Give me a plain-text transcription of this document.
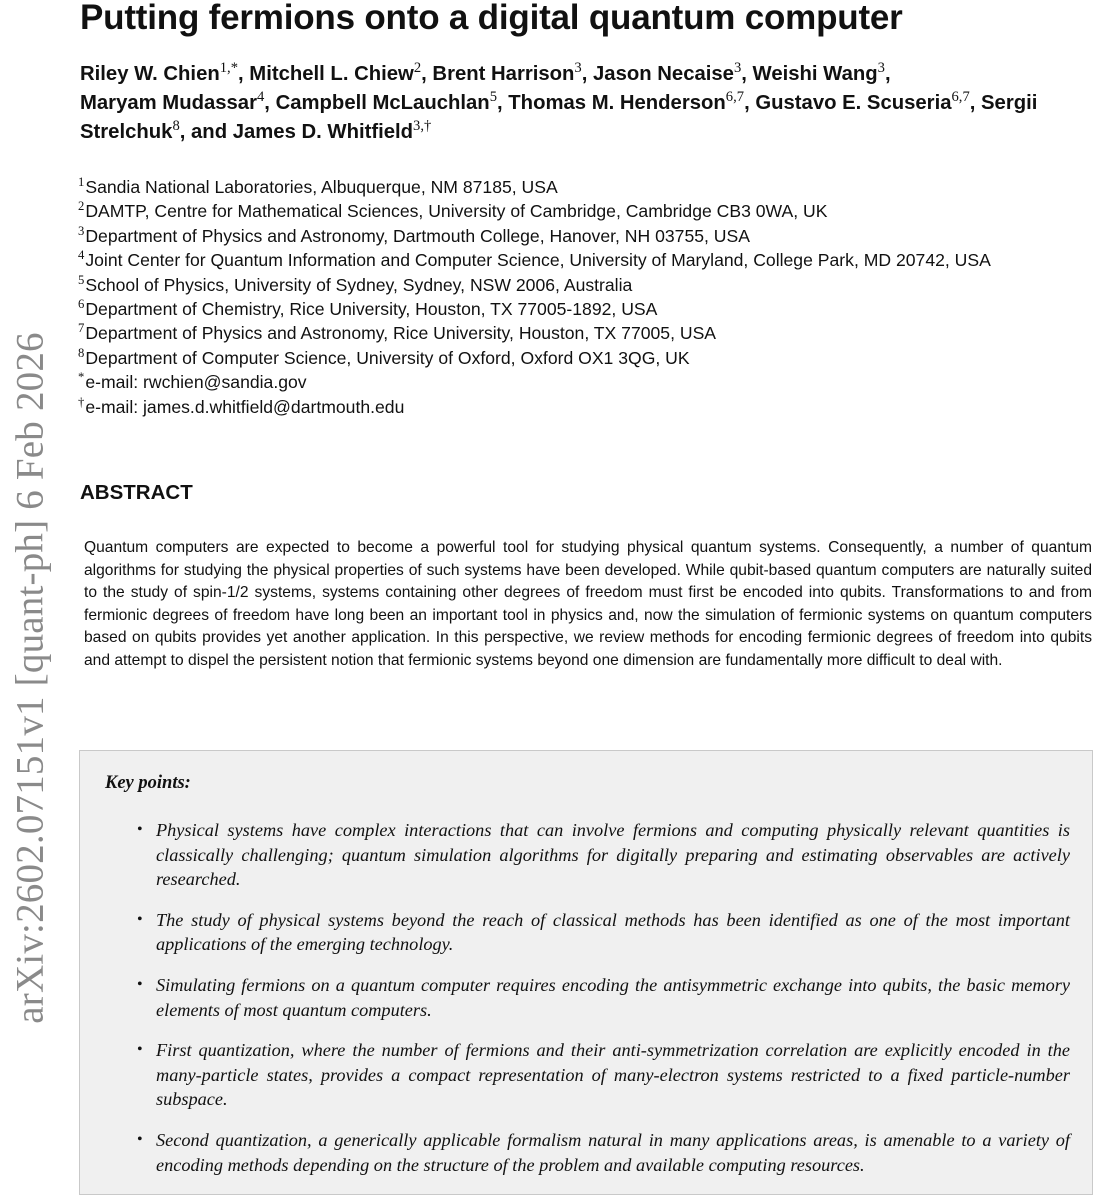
arXiv:2602.07151v1 [quant-ph] 6 Feb 2026
Putting fermions onto a digital quantum computer
Riley W. Chien$^{1,*}$, Mitchell L. Chiew$^2$, Brent Harrison$^3$, Jason Necaise$^3$, Weishi Wang$^3$,
Maryam Mudassar$^4$, Campbell McLauchlan$^5$, Thomas M. Henderson$^{6,7}$, Gustavo E. Scuseria$^{6,7}$, Sergii Strelchuk$^8$, and James D. Whitfield$^{3,\dagger}$

$^1$Sandia National Laboratories, Albuquerque, NM 87185, USA

$^2$DAMTP, Centre for Mathematical Sciences, University of Cambridge, Cambridge CB3 0WA, UK

$^3$Department of Physics and Astronomy, Dartmouth College, Hanover, NH 03755, USA

$^4$Joint Center for Quantum Information and Computer Science, University of Maryland, College Park, MD 20742, USA

$^5$School of Physics, University of Sydney, Sydney, NSW 2006, Australia

$^6$Department of Chemistry, Rice University, Houston, TX 77005-1892, USA

$^7$Department of Physics and Astronomy, Rice University, Houston, TX 77005, USA

$^8$Department of Computer Science, University of Oxford, Oxford OX1 3QG, UK

*e-mail: rwchien@sandia.gov

†e-mail: james.d.whitfield@dartmouth.edu

ABSTRACT

Quantum computers are expected to become a powerful tool for studying physical quantum systems. Consequently, a number of quantum algorithms for studying the physical properties of such systems have been developed. While qubit-based quantum computers are naturally suited to the study of spin-1/2 systems, systems containing other degrees of freedom must first be encoded into qubits. Transformations to and from fermionic degrees of freedom have long been an important tool in physics and, now the simulation of fermionic systems on quantum computers based on qubits provides yet another application. In this perspective, we review methods for encoding fermionic degrees of freedom into qubits and attempt to dispel the persistent notion that fermionic systems beyond one dimension are fundamentally more difficult to deal with.

Key points:
• Physical systems have complex interactions that can involve fermions and computing physically relevant quantities is classically challenging; quantum simulation algorithms for digitally preparing and estimating observables are actively researched.
• The study of physical systems beyond the reach of classical methods has been identified as one of the most important applications of the emerging technology.
• Simulating fermions on a quantum computer requires encoding the antisymmetric exchange into qubits, the basic memory elements of most quantum computers.
• First quantization, where the number of fermions and their anti-symmetrization correlation are explicitly encoded in the many-particle states, provides a compact representation of many-electron systems restricted to a fixed particle-number subspace.
• Second quantization, a generically applicable formalism natural in many applications areas, is amenable to a variety of encoding methods depending on the structure of the problem and available computing resources.
